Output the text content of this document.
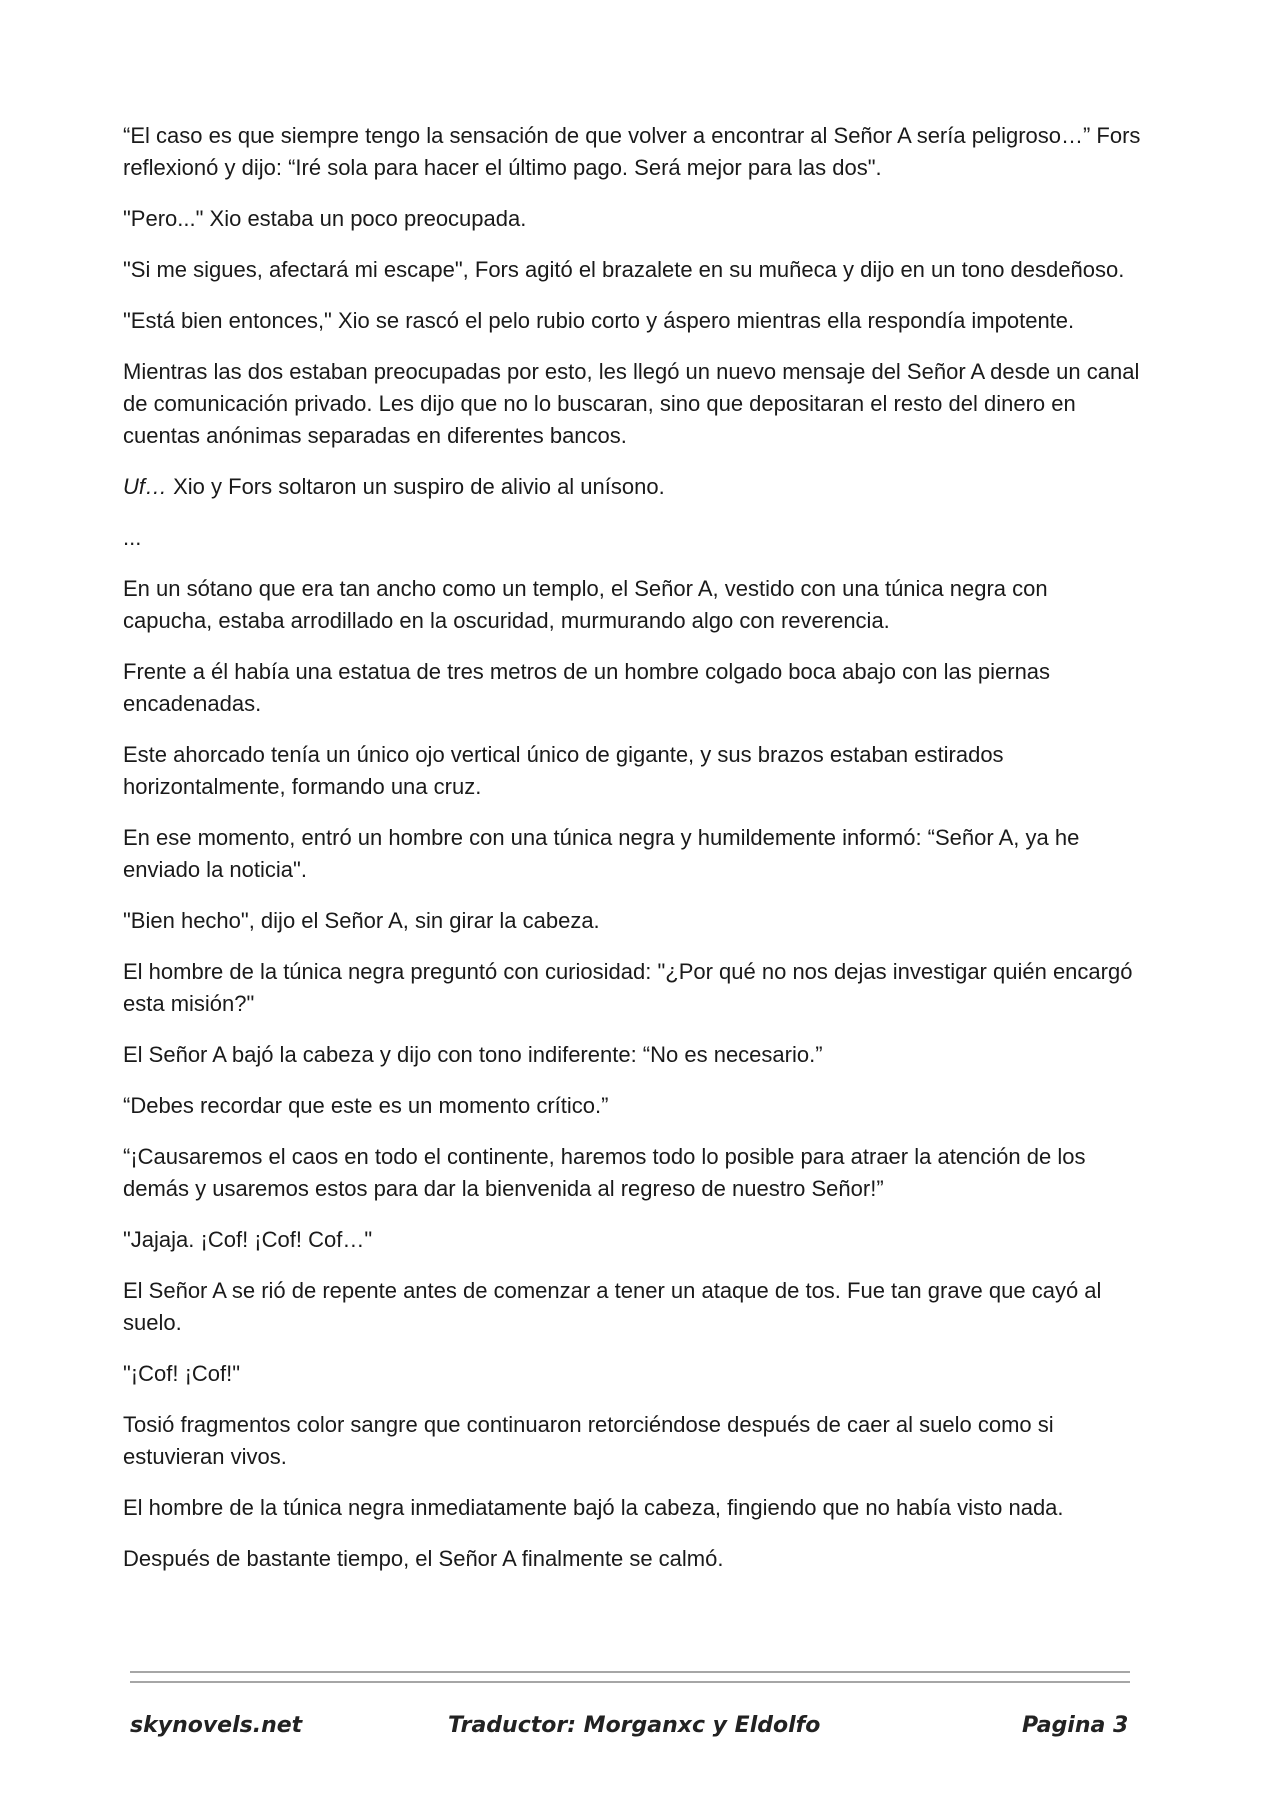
“El caso es que siempre tengo la sensación de que volver a encontrar al Señor A sería peligroso…” Fors reflexionó y dijo: “Iré sola para hacer el último pago. Será mejor para las dos".

"Pero..." Xio estaba un poco preocupada.

"Si me sigues, afectará mi escape", Fors agitó el brazalete en su muñeca y dijo en un tono desdeñoso.

"Está bien entonces," Xio se rascó el pelo rubio corto y áspero mientras ella respondía impotente.

Mientras las dos estaban preocupadas por esto, les llegó un nuevo mensaje del Señor A desde un canal de comunicación privado. Les dijo que no lo buscaran, sino que depositaran el resto del dinero en cuentas anónimas separadas en diferentes bancos.

Uf… Xio y Fors soltaron un suspiro de alivio al unísono.

...

En un sótano que era tan ancho como un templo, el Señor A, vestido con una túnica negra con capucha, estaba arrodillado en la oscuridad, murmurando algo con reverencia.

Frente a él había una estatua de tres metros de un hombre colgado boca abajo con las piernas encadenadas.

Este ahorcado tenía un único ojo vertical único de gigante, y sus brazos estaban estirados horizontalmente, formando una cruz.

En ese momento, entró un hombre con una túnica negra y humildemente informó: “Señor A, ya he enviado la noticia".

"Bien hecho", dijo el Señor A, sin girar la cabeza.

El hombre de la túnica negra preguntó con curiosidad: "¿Por qué no nos dejas investigar quién encargó esta misión?"

El Señor A bajó la cabeza y dijo con tono indiferente: “No es necesario.”

“Debes recordar que este es un momento crítico.”

“¡Causaremos el caos en todo el continente, haremos todo lo posible para atraer la atención de los demás y usaremos estos para dar la bienvenida al regreso de nuestro Señor!”

"Jajaja. ¡Cof! ¡Cof! Cof…"

El Señor A se rió de repente antes de comenzar a tener un ataque de tos. Fue tan grave que cayó al suelo.

"¡Cof! ¡Cof!"

Tosió fragmentos color sangre que continuaron retorciéndose después de caer al suelo como si estuvieran vivos.

El hombre de la túnica negra inmediatamente bajó la cabeza, fingiendo que no había visto nada.

Después de bastante tiempo, el Señor A finalmente se calmó.

skynovels.net	Traductor: Morganxc y Eldolfo	Pagina 3
